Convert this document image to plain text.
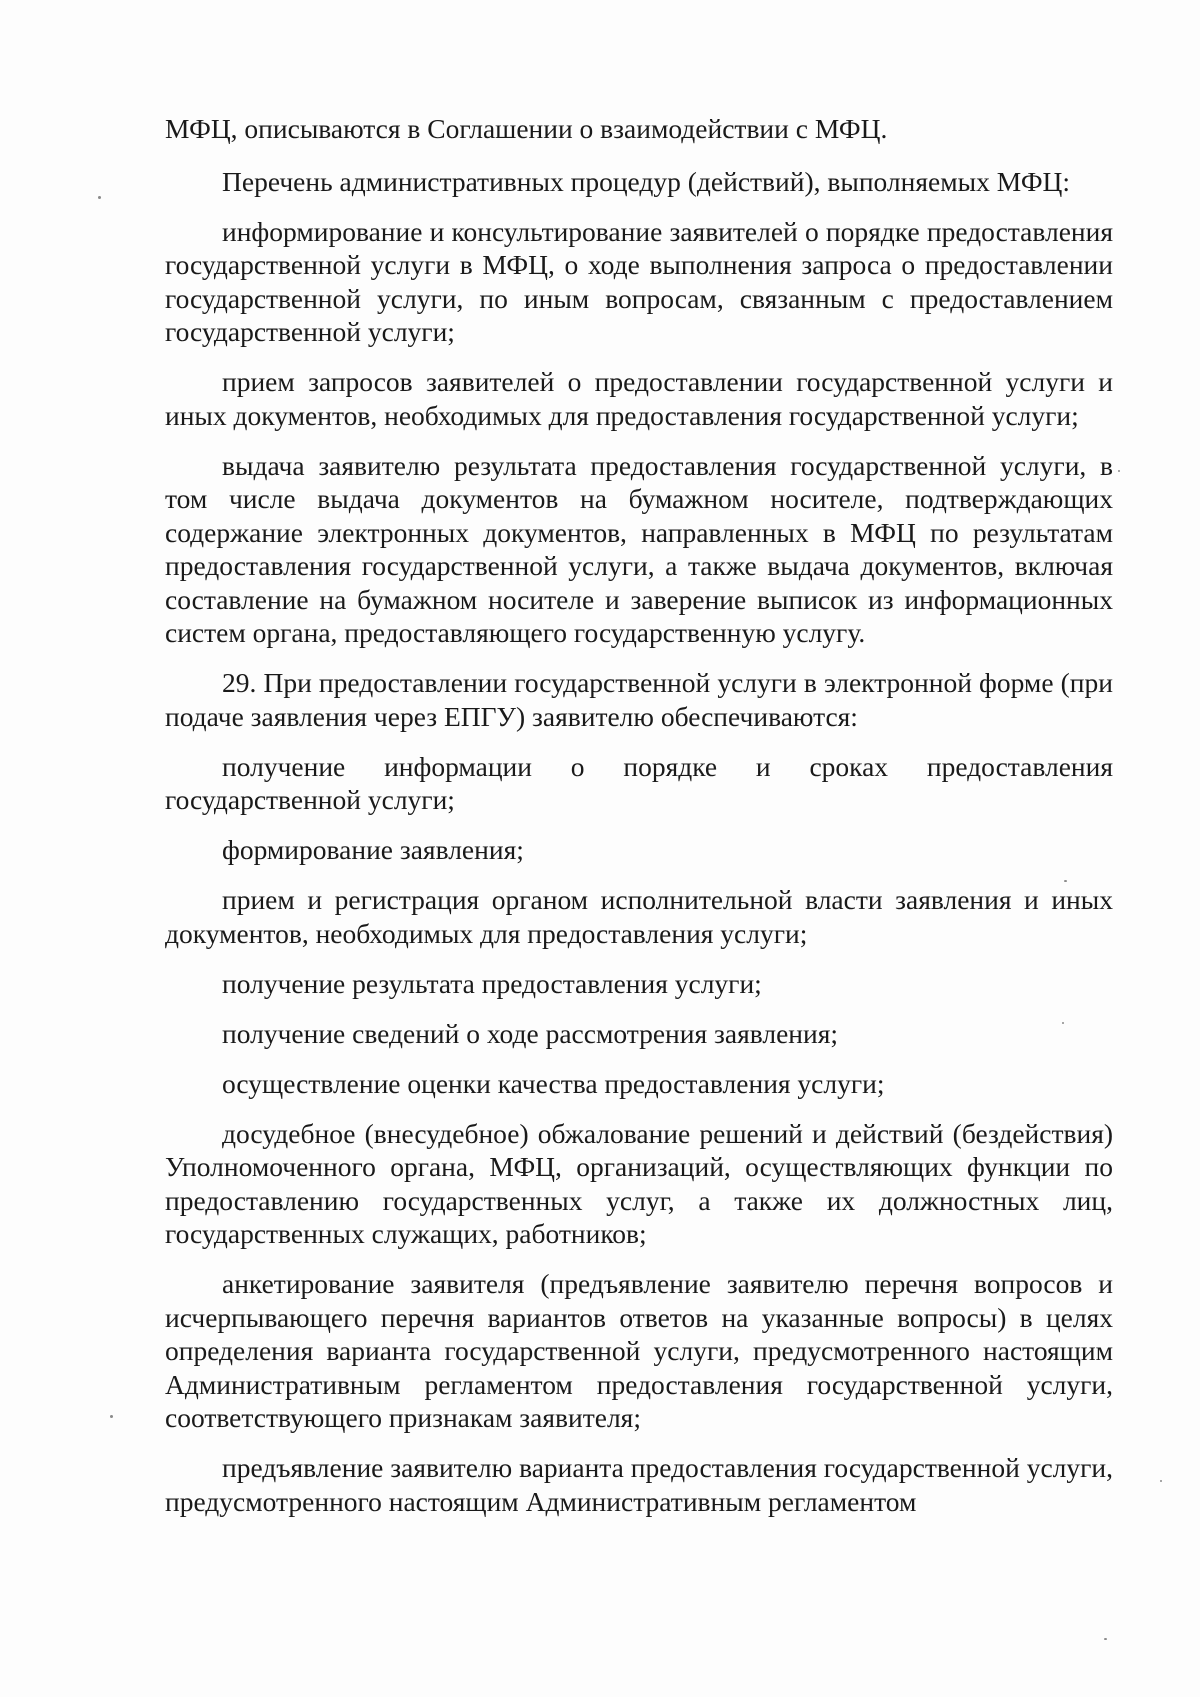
МФЦ, описываются в Соглашении о взаимодействии с МФЦ.

Перечень административных процедур (действий), выполняемых МФЦ:

информирование и консультирование заявителей о порядке предоставления государственной услуги в МФЦ, о ходе выполнения запроса о предоставлении государственной услуги, по иным вопросам, связанным с предоставлением государственной услуги;

прием запросов заявителей о предоставлении государственной услуги и иных документов, необходимых для предоставления государственной услуги;

выдача заявителю результата предоставления государственной услуги, в том числе выдача документов на бумажном носителе, подтверждающих содержание электронных документов, направленных в МФЦ по результатам предоставления государственной услуги, а также выдача документов, включая составление на бумажном носителе и заверение выписок из информационных систем органа, предоставляющего государственную услугу.

29. При предоставлении государственной услуги в электронной форме (при подаче заявления через ЕПГУ) заявителю обеспечиваются:

получение информации о порядке и сроках предоставления государственной услуги;

формирование заявления;

прием и регистрация органом исполнительной власти заявления и иных документов, необходимых для предоставления услуги;

получение результата предоставления услуги;

получение сведений о ходе рассмотрения заявления;

осуществление оценки качества предоставления услуги;

досудебное (внесудебное) обжалование решений и действий (бездействия) Уполномоченного органа, МФЦ, организаций, осуществляющих функции по предоставлению государственных услуг, а также их должностных лиц, государственных служащих, работников;

анкетирование заявителя (предъявление заявителю перечня вопросов и исчерпывающего перечня вариантов ответов на указанные вопросы) в целях определения варианта государственной услуги, предусмотренного настоящим Административным регламентом предоставления государственной услуги, соответствующего признакам заявителя;

предъявление заявителю варианта предоставления государственной услуги, предусмотренного настоящим Административным регламентом
